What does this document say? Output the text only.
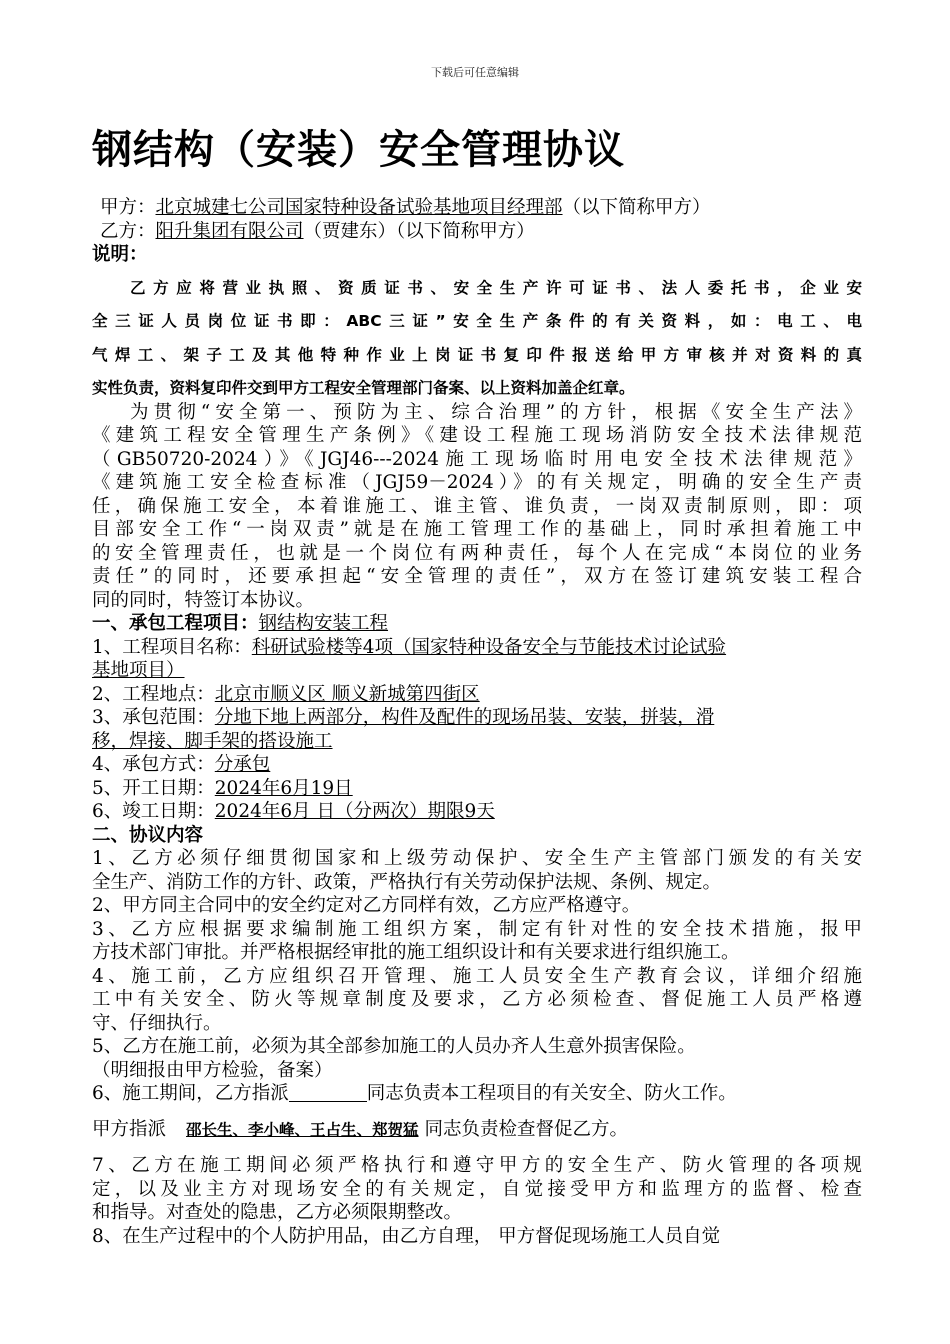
下载后可任意编辑
钢结构（安装）安全管理协议
甲方：北京城建七公司国家特种设备试验基地项目经理部（以下简称甲方）
乙方：阳升集团有限公司（贾建东）（以下简称甲方）
说明：
乙方应将营业执照、资质证书、安全生产许可证书、法人委托书，企业安
全三证人员岗位证书即：ABC三证”安全生产条件的有关资料，如：电工、电
气焊工、架子工及其他特种作业上岗证书复印件报送给甲方审核并对资料的真
实性负责，资料复印件交到甲方工程安全管理部门备案、以上资料加盖企红章。
为贯彻“安全第一、预防为主、综合治理”的方针，根据《安全生产法》
《建筑工程安全管理生产条例》《建设工程施工现场消防安全技术法律规范
（GB50720-2024）》《JGJ46---2024施工现场临时用电安全技术法律规范》
《建筑施工安全检查标准（JGJ59－2024）》的有关规定，明确的安全生产责
任，确保施工安全，本着谁施工、谁主管、谁负责，一岗双责制原则，即：项
目部安全工作“一岗双责”就是在施工管理工作的基础上，同时承担着施工中
的安全管理责任，也就是一个岗位有两种责任，每个人在完成“本岗位的业务
责任”的同时，还要承担起“安全管理的责任”，双方在签订建筑安装工程合
同的同时，特签订本协议。
一、承包工程项目：钢结构安装工程
1、工程项目名称：科研试验楼等4项（国家特种设备安全与节能技术讨论试验
基地项目）
2、工程地点：北京市顺义区 顺义新城第四街区
3、承包范围：分地下地上两部分，构件及配件的现场吊装、安装，拼装，滑
移，焊接、脚手架的搭设施工
4、承包方式：分承包
5、开工日期：2024年6月19日
6、竣工日期：2024年6月 日（分两次）期限9天
二、协议内容
1、乙方必须仔细贯彻国家和上级劳动保护、安全生产主管部门颁发的有关安
全生产、消防工作的方针、政策，严格执行有关劳动保护法规、条例、规定。
2、甲方同主合同中的安全约定对乙方同样有效，乙方应严格遵守。
3、乙方应根据要求编制施工组织方案，制定有针对性的安全技术措施，报甲
方技术部门审批。并严格根据经审批的施工组织设计和有关要求进行组织施工。
4、施工前，乙方应组织召开管理、施工人员安全生产教育会议，详细介绍施
工中有关安全、防火等规章制度及要求，乙方必须检查、督促施工人员严格遵
守、仔细执行。
5、乙方在施工前，必须为其全部参加施工的人员办齐人生意外损害保险。
（明细报由甲方检验，备案）
6、施工期间，乙方指派	同志负责本工程项目的有关安全、防火工作。
甲方指派 邵长生、李小峰、王占生、郑贺猛 同志负责检查督促乙方。
7、乙方在施工期间必须严格执行和遵守甲方的安全生产、防火管理的各项规
定，以及业主方对现场安全的有关规定，自觉接受甲方和监理方的监督、检查
和指导。对查处的隐患，乙方必须限期整改。
8、在生产过程中的个人防护用品，由乙方自理， 甲方督促现场施工人员自觉
